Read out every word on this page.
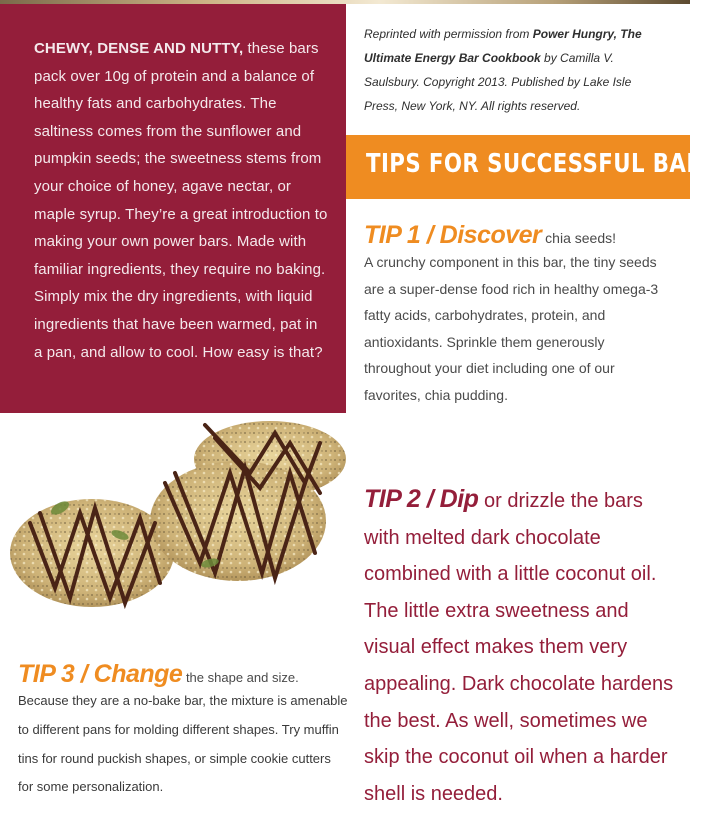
CHEWY, DENSE AND NUTTY, these bars pack over 10g of protein and a balance of healthy fats and carbohydrates. The saltiness comes from the sunflower and pumpkin seeds; the sweetness stems from your choice of honey, agave nectar, or maple syrup. They’re a great introduction to making your own power bars. Made with familiar ingredients, they require no baking. Simply mix the dry ingredients, with liquid ingredients that have been warmed, pat in a pan, and allow to cool. How easy is that?
Reprinted with permission from Power Hungry, The Ultimate Energy Bar Cookbook by Camilla V. Saulsbury. Copyright 2013. Published by Lake Isle Press, New York, NY. All rights reserved.
TIPS FOR SUCCESSFUL BARS:
TIP 1 / Discover chia seeds!
A crunchy component in this bar, the tiny seeds are a super-dense food rich in healthy omega-3 fatty acids, carbohydrates, protein, and antioxidants. Sprinkle them generously throughout your diet including one of our favorites, chia pudding.
TIP 2 / Dip or drizzle the bars with melted dark chocolate combined with a little coconut oil. The little extra sweetness and visual effect makes them very appealing. Dark chocolate hardens the best. As well, sometimes we skip the coconut oil when a harder shell is needed.
TIP 3 / Change the shape and size.
Because they are a no-bake bar, the mixture is amenable to different pans for molding different shapes. Try muffin tins for round puckish shapes, or simple cookie cutters for some personalization.
